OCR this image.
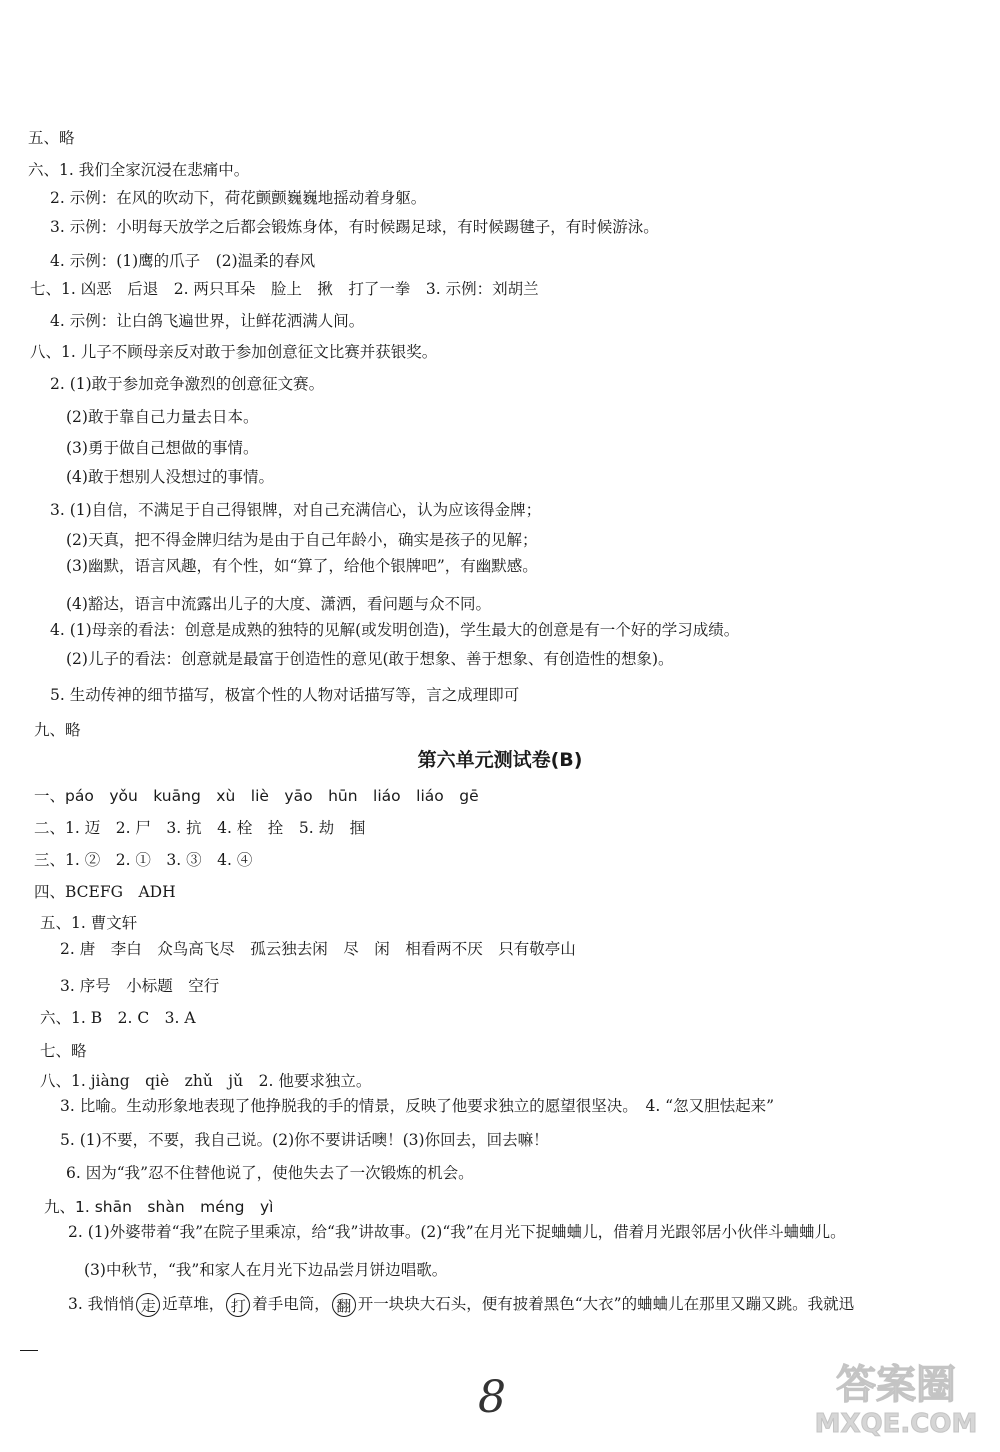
五、略
六、1. 我们全家沉浸在悲痛中。
2. 示例：在风的吹动下，荷花颤颤巍巍地摇动着身躯。
3. 示例：小明每天放学之后都会锻炼身体，有时候踢足球，有时候踢毽子，有时候游泳。
4. 示例：(1)鹰的爪子　(2)温柔的春风
七、1. 凶恶　后退　2. 两只耳朵　脸上　揪　打了一拳　3. 示例：刘胡兰
4. 示例：让白鸽飞遍世界，让鲜花洒满人间。
八、1. 儿子不顾母亲反对敢于参加创意征文比赛并获银奖。
2. (1)敢于参加竞争激烈的创意征文赛。
(2)敢于靠自己力量去日本。
(3)勇于做自己想做的事情。
(4)敢于想别人没想过的事情。
3. (1)自信，不满足于自己得银牌，对自己充满信心，认为应该得金牌；
(2)天真，把不得金牌归结为是由于自己年龄小，确实是孩子的见解；
(3)幽默，语言风趣，有个性，如“算了，给他个银牌吧”，有幽默感。
(4)豁达，语言中流露出儿子的大度、潇洒，看问题与众不同。
4. (1)母亲的看法：创意是成熟的独特的见解(或发明创造)，学生最大的创意是有一个好的学习成绩。
(2)儿子的看法：创意就是最富于创造性的意见(敢于想象、善于想象、有创造性的想象)。
5. 生动传神的细节描写，极富个性的人物对话描写等，言之成理即可
九、略
第六单元测试卷(B)
一、páo　yǒu　kuāng　xù　liè　yāo　hūn　liáo　liáo　gē
二、1. 迈　2. 尸　3. 抗　4. 栓　拴　5. 劫　掴
三、1. ②　2. ①　3. ③　4. ④
四、BCEFG　ADH
五、1. 曹文轩
2. 唐　李白　众鸟高飞尽　孤云独去闲　尽　闲　相看两不厌　只有敬亭山
3. 序号　小标题　空行
六、1. B　2. C　3. A
七、略
八、1. jiàng　qiè　zhǔ　jǔ　2. 他要求独立。
3. 比喻。生动形象地表现了他挣脱我的手的情景，反映了他要求独立的愿望很坚决。　4. “忽又胆怯起来”
5. (1)不要，不要，我自己说。(2)你不要讲话噢！(3)你回去，回去嘛！
6. 因为“我”忍不住替他说了，使他失去了一次锻炼的机会。
九、1. shān　shàn　méng　yì
2. (1)外婆带着“我”在院子里乘凉，给“我”讲故事。(2)“我”在月光下捉蛐蛐儿，借着月光跟邻居小伙伴斗蛐蛐儿。
(3)中秋节，“我”和家人在月光下边品尝月饼边唱歌。
3. 我悄悄 走 近草堆， 打 着手电筒， 翻 开一块块大石头，便有披着黑色“大衣”的蛐蛐儿在那里又蹦又跳。我就迅
8	答案圈
MXQE.COM
